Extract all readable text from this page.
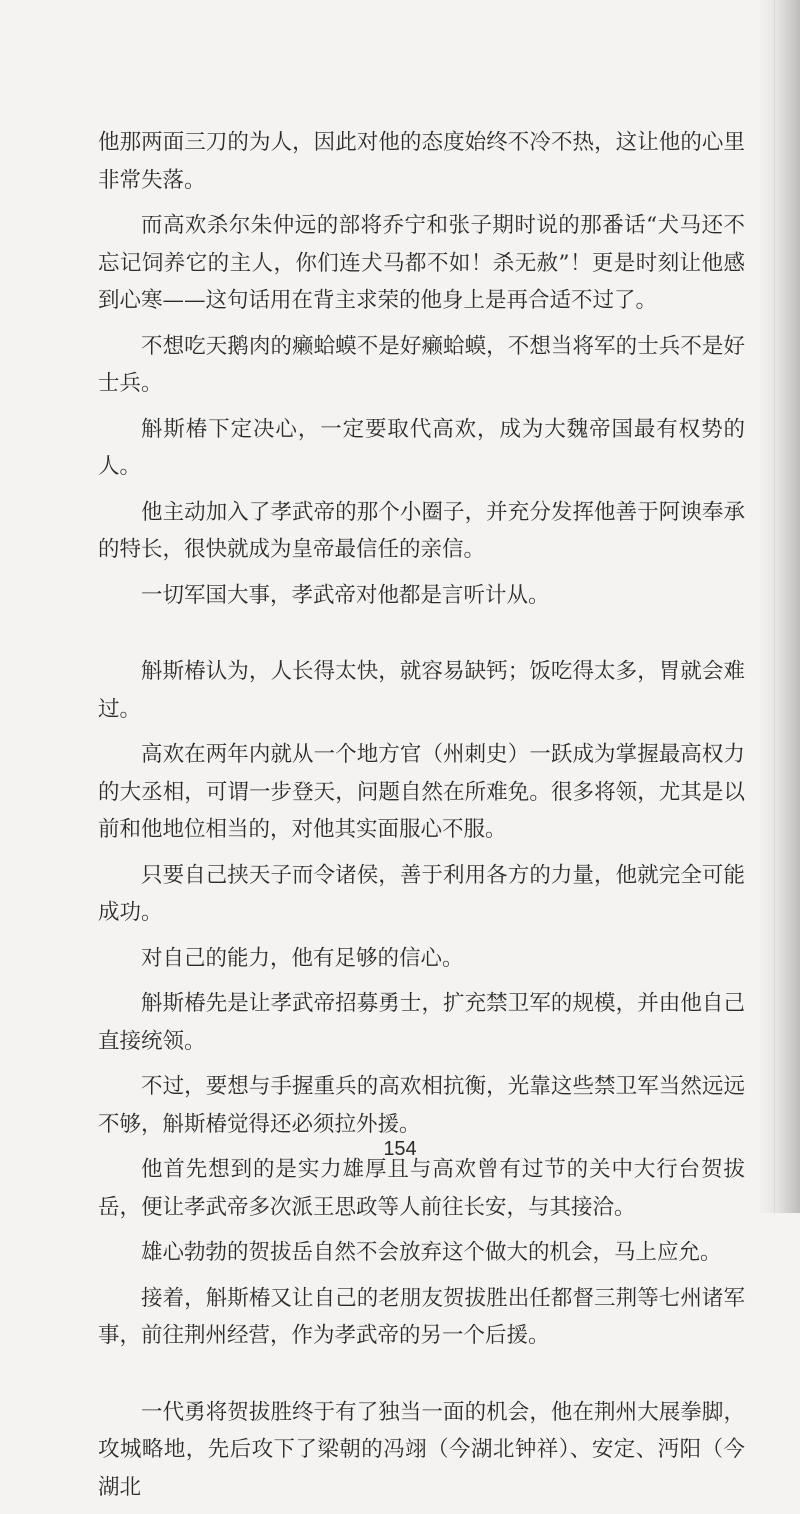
他那两面三刀的为人，因此对他的态度始终不冷不热，这让他的心里非常失落。

而高欢杀尔朱仲远的部将乔宁和张子期时说的那番话“犬马还不忘记饲养它的主人，你们连犬马都不如！杀无赦”！更是时刻让他感到心寒——这句话用在背主求荣的他身上是再合适不过了。

不想吃天鹅肉的癞蛤蟆不是好癞蛤蟆，不想当将军的士兵不是好士兵。

斛斯椿下定决心，一定要取代高欢，成为大魏帝国最有权势的人。

他主动加入了孝武帝的那个小圈子，并充分发挥他善于阿谀奉承的特长，很快就成为皇帝最信任的亲信。

一切军国大事，孝武帝对他都是言听计从。

斛斯椿认为，人长得太快，就容易缺钙；饭吃得太多，胃就会难过。

高欢在两年内就从一个地方官（州刺史）一跃成为掌握最高权力的大丞相，可谓一步登天，问题自然在所难免。很多将领，尤其是以前和他地位相当的，对他其实面服心不服。

只要自己挟天子而令诸侯，善于利用各方的力量，他就完全可能成功。

对自己的能力，他有足够的信心。

斛斯椿先是让孝武帝招募勇士，扩充禁卫军的规模，并由他自己直接统领。

不过，要想与手握重兵的高欢相抗衡，光靠这些禁卫军当然远远不够，斛斯椿觉得还必须拉外援。

他首先想到的是实力雄厚且与高欢曾有过节的关中大行台贺拔岳，便让孝武帝多次派王思政等人前往长安，与其接洽。

雄心勃勃的贺拔岳自然不会放弃这个做大的机会，马上应允。

接着，斛斯椿又让自己的老朋友贺拔胜出任都督三荆等七州诸军事，前往荆州经营，作为孝武帝的另一个后援。

一代勇将贺拔胜终于有了独当一面的机会，他在荆州大展拳脚，攻城略地，先后攻下了梁朝的冯翊（今湖北钟祥）、安定、沔阳（今湖北

154
